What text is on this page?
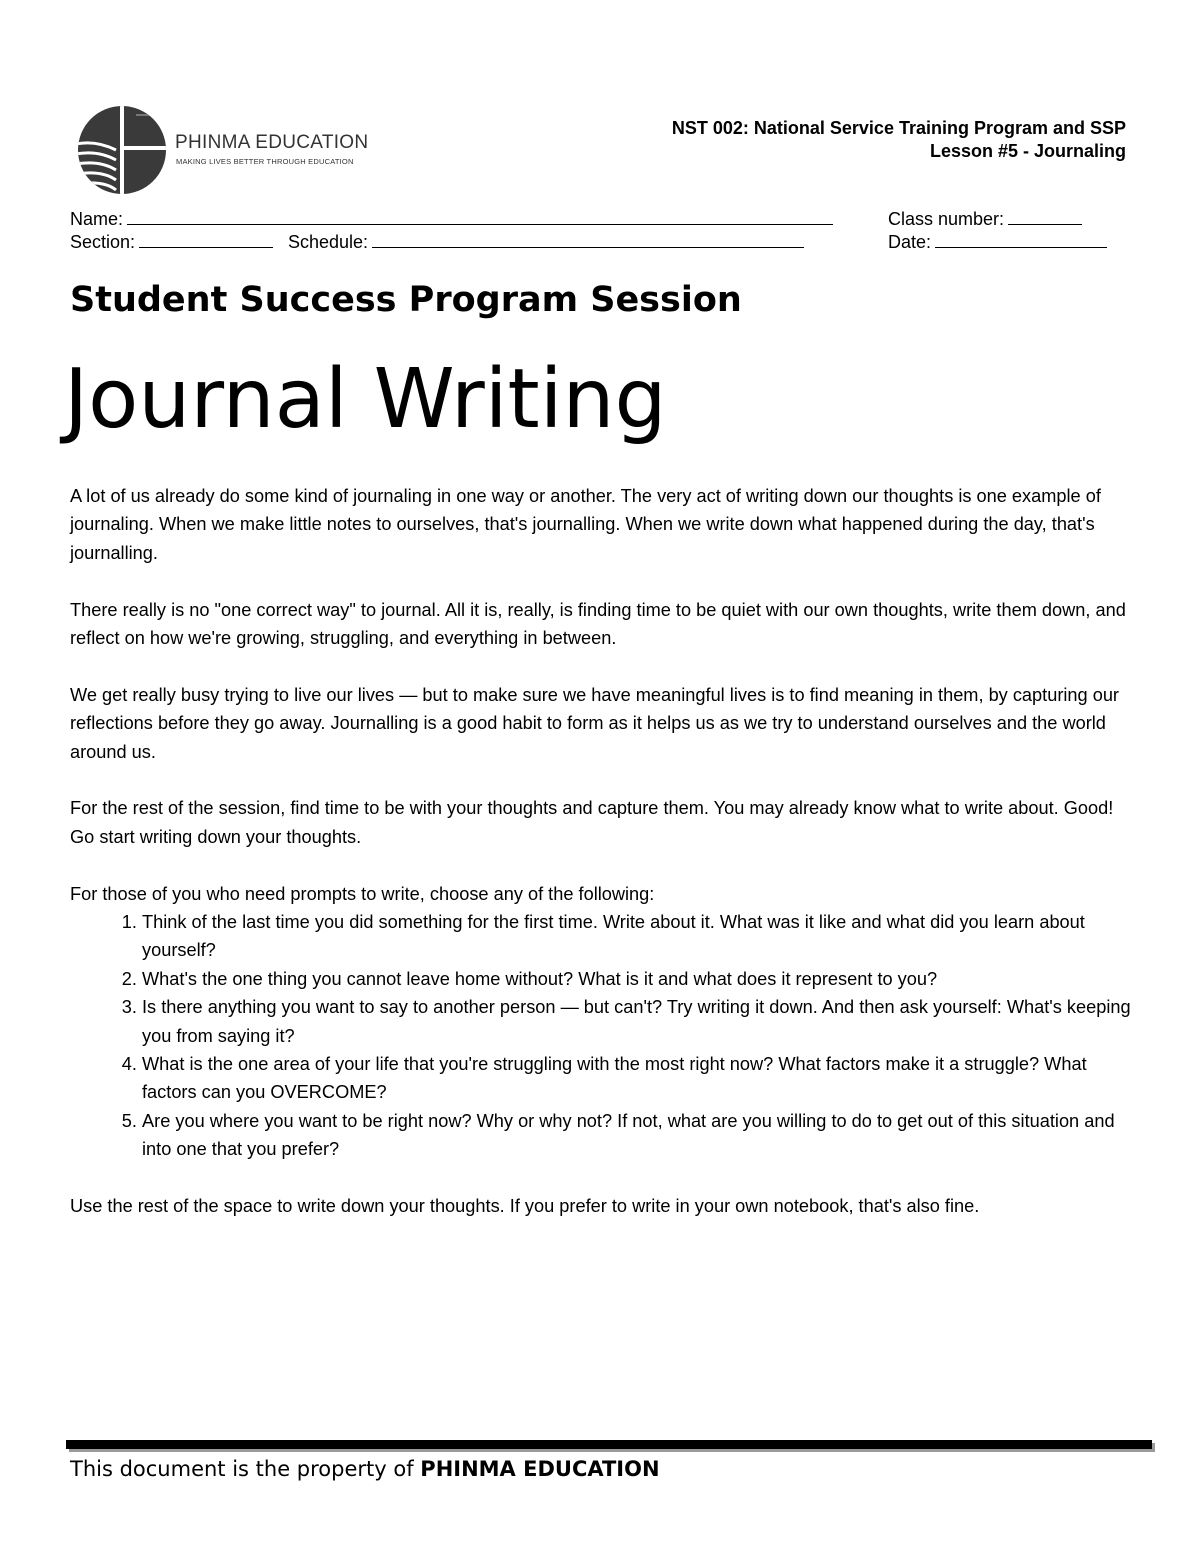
PHINMA EDUCATION
MAKING LIVES BETTER THROUGH EDUCATION
NST 002: National Service Training Program and SSP
Lesson #5 - Journaling
Name:	Class number:
Section:	Schedule:	Date:
Student Success Program Session
Journal Writing

A lot of us already do some kind of journaling in one way or another. The very act of writing down our thoughts is one example of journaling. When we make little notes to ourselves, that's journalling. When we write down what happened during the day, that's journalling.

There really is no "one correct way" to journal. All it is, really, is finding time to be quiet with our own thoughts, write them down, and reflect on how we're growing, struggling, and everything in between.

We get really busy trying to live our lives — but to make sure we have meaningful lives is to find meaning in them, by capturing our reflections before they go away. Journalling is a good habit to form as it helps us as we try to understand ourselves and the world around us.

For the rest of the session, find time to be with your thoughts and capture them. You may already know what to write about. Good! Go start writing down your thoughts.

For those of you who need prompts to write, choose any of the following:

1. Think of the last time you did something for the first time. Write about it. What was it like and what did you learn about yourself?
2. What's the one thing you cannot leave home without? What is it and what does it represent to you?
3. Is there anything you want to say to another person — but can't? Try writing it down. And then ask yourself: What's keeping you from saying it?
4. What is the one area of your life that you're struggling with the most right now? What factors make it a struggle? What factors can you OVERCOME?
5. Are you where you want to be right now? Why or why not? If not, what are you willing to do to get out of this situation and into one that you prefer?

Use the rest of the space to write down your thoughts. If you prefer to write in your own notebook, that's also fine.

This document is the property of PHINMA EDUCATION
